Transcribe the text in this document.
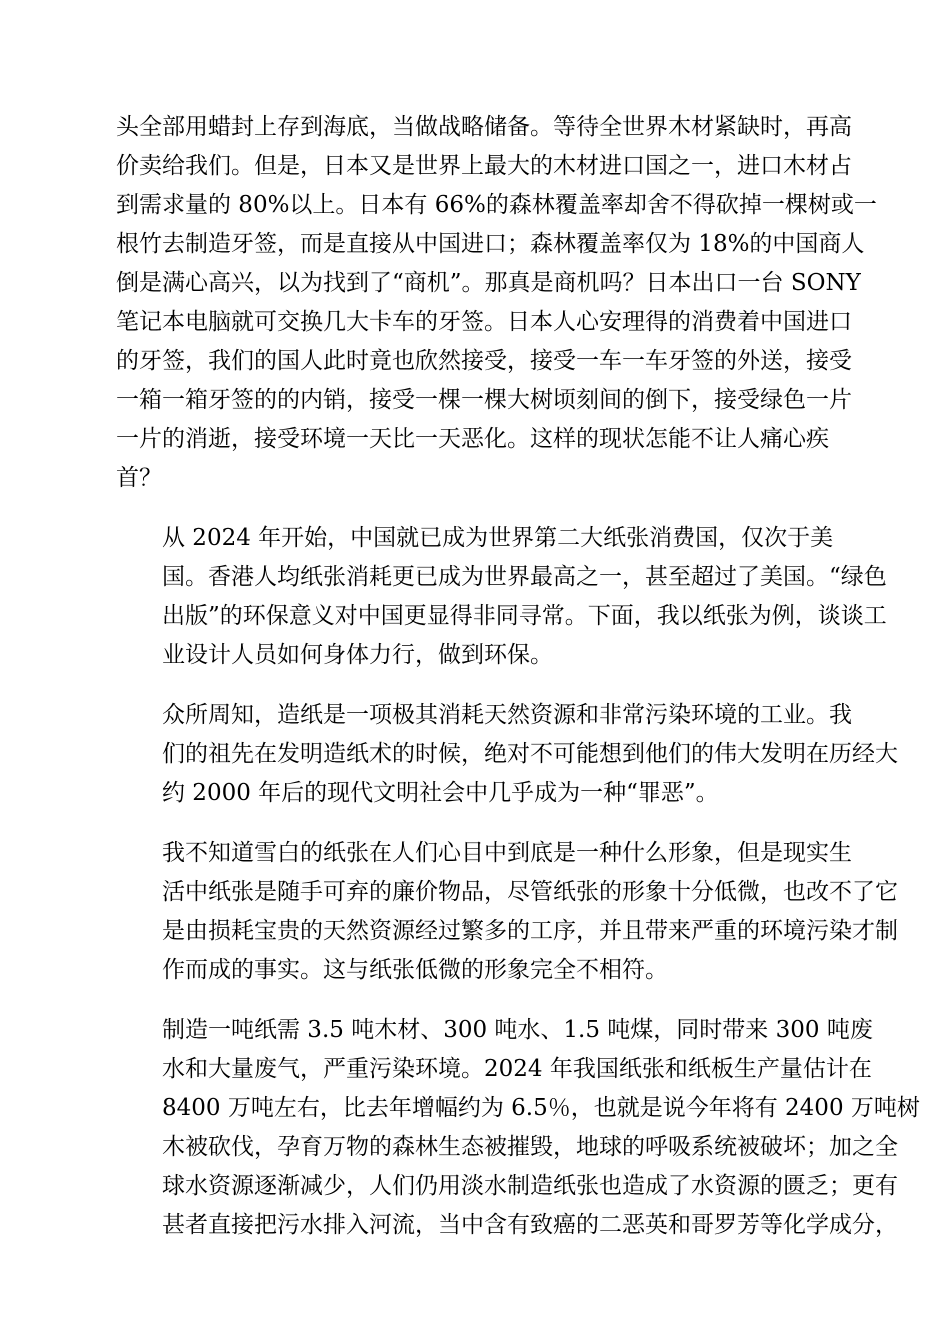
头全部用蜡封上存到海底，当做战略储备。等待全世界木材紧缺时，再高
价卖给我们。但是，日本又是世界上最大的木材进口国之一，进口木材占
到需求量的 80%以上。日本有 66%的森林覆盖率却舍不得砍掉一棵树或一
根竹去制造牙签，而是直接从中国进口；森林覆盖率仅为 18%的中国商人
倒是满心高兴，以为找到了“商机”。那真是商机吗？日本出口一台 SONY
笔记本电脑就可交换几大卡车的牙签。日本人心安理得的消费着中国进口
的牙签，我们的国人此时竟也欣然接受，接受一车一车牙签的外送，接受
一箱一箱牙签的的内销，接受一棵一棵大树顷刻间的倒下，接受绿色一片
一片的消逝，接受环境一天比一天恶化。这样的现状怎能不让人痛心疾
首？
从 2024 年开始，中国就已成为世界第二大纸张消费国，仅次于美
国。香港人均纸张消耗更已成为世界最高之一，甚至超过了美国。“绿色
出版”的环保意义对中国更显得非同寻常。下面，我以纸张为例，谈谈工
业设计人员如何身体力行，做到环保。
众所周知，造纸是一项极其消耗天然资源和非常污染环境的工业。我
们的祖先在发明造纸术的时候，绝对不可能想到他们的伟大发明在历经大
约 2000 年后的现代文明社会中几乎成为一种“罪恶”。
我不知道雪白的纸张在人们心目中到底是一种什么形象，但是现实生
活中纸张是随手可弃的廉价物品，尽管纸张的形象十分低微，也改不了它
是由损耗宝贵的天然资源经过繁多的工序，并且带来严重的环境污染才制
作而成的事实。这与纸张低微的形象完全不相符。
制造一吨纸需 3.5 吨木材、300 吨水、1.5 吨煤，同时带来 300 吨废
水和大量废气，严重污染环境。2024 年我国纸张和纸板生产量估计在
8400 万吨左右，比去年增幅约为 6.5％，也就是说今年将有 2400 万吨树
木被砍伐，孕育万物的森林生态被摧毁，地球的呼吸系统被破坏；加之全
球水资源逐渐减少，人们仍用淡水制造纸张也造成了水资源的匮乏；更有
甚者直接把污水排入河流，当中含有致癌的二恶英和哥罗芳等化学成分，
